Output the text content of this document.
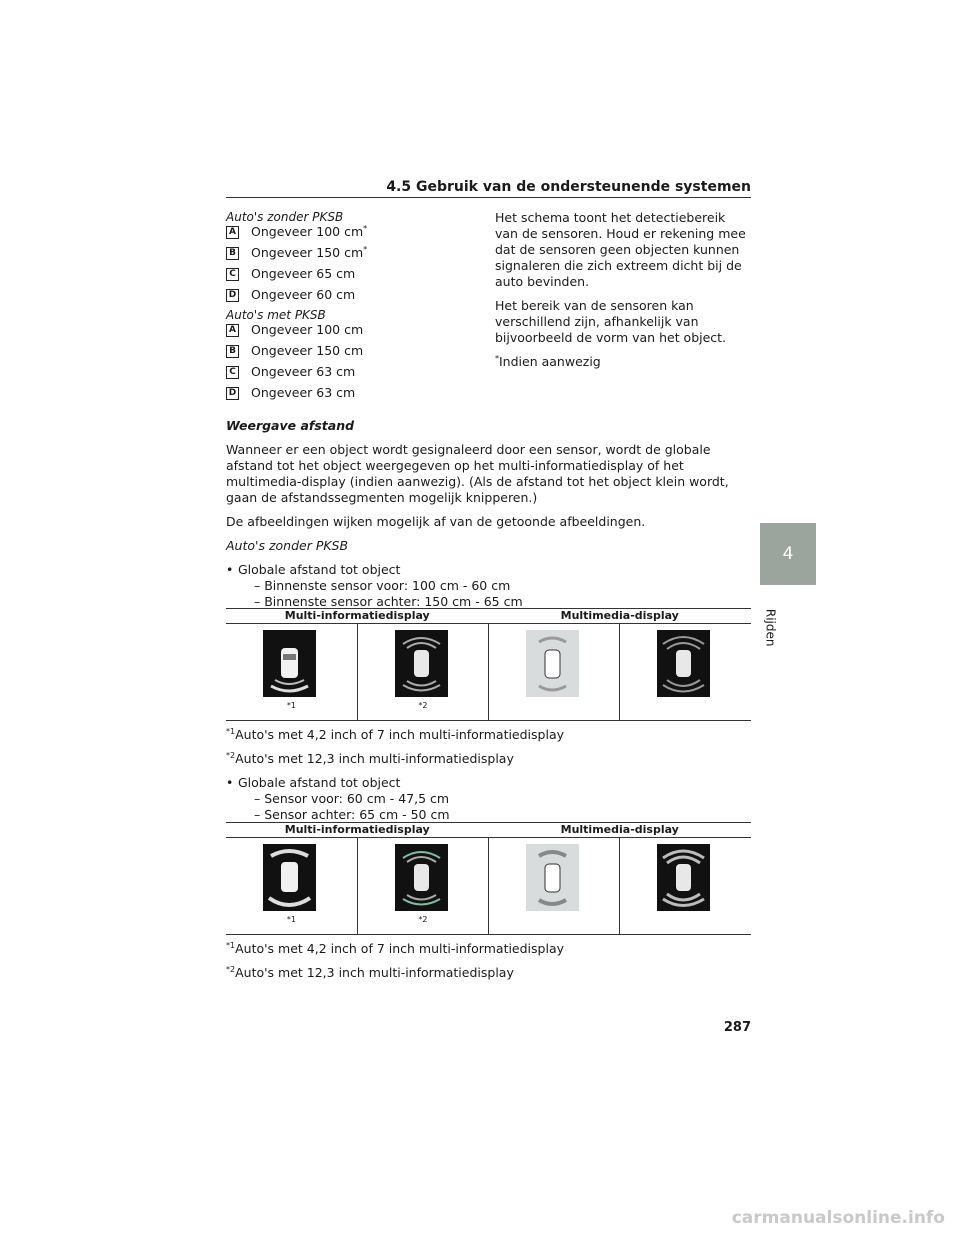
4.5 Gebruik van de ondersteunende systemen
4
Rijden

Auto's zonder PKSB

A Ongeveer 100 cm*
B Ongeveer 150 cm*
C Ongeveer 65 cm
D Ongeveer 60 cm

Auto's met PKSB

A Ongeveer 100 cm
B Ongeveer 150 cm
C Ongeveer 63 cm
D Ongeveer 63 cm

Het schema toont het detectiebereik van de sensoren. Houd er rekening mee dat de sensoren geen objecten kunnen signaleren die zich extreem dicht bij de auto bevinden.

Het bereik van de sensoren kan verschillend zijn, afhankelijk van bijvoorbeeld de vorm van het object.

*Indien aanwezig

Weergave afstand

Wanneer er een object wordt gesignaleerd door een sensor, wordt de globale afstand tot het object weergegeven op het multi-informatiedisplay of het multimedia-display (indien aanwezig). (Als de afstand tot het object klein wordt, gaan de afstandssegmenten mogelijk knipperen.)

De afbeeldingen wijken mogelijk af van de getoonde afbeeldingen.

Auto's zonder PKSB

• Globale afstand tot object
– Binnenste sensor voor: 100 cm - 60 cm
– Binnenste sensor achter: 150 cm - 65 cm
Multi-informatiedisplay		Multimedia-display	

*1	*2

$^{*1}$Auto's met 4,2 inch of 7 inch multi-informatiedisplay

$^{*2}$Auto's met 12,3 inch multi-informatiedisplay

• Globale afstand tot object
– Sensor voor: 60 cm - 47,5 cm
– Sensor achter: 65 cm - 50 cm
Multi-informatiedisplay		Multimedia-display	

*1	*2

$^{*1}$Auto's met 4,2 inch of 7 inch multi-informatiedisplay

$^{*2}$Auto's met 12,3 inch multi-informatiedisplay

287
carmanualsonline.info
